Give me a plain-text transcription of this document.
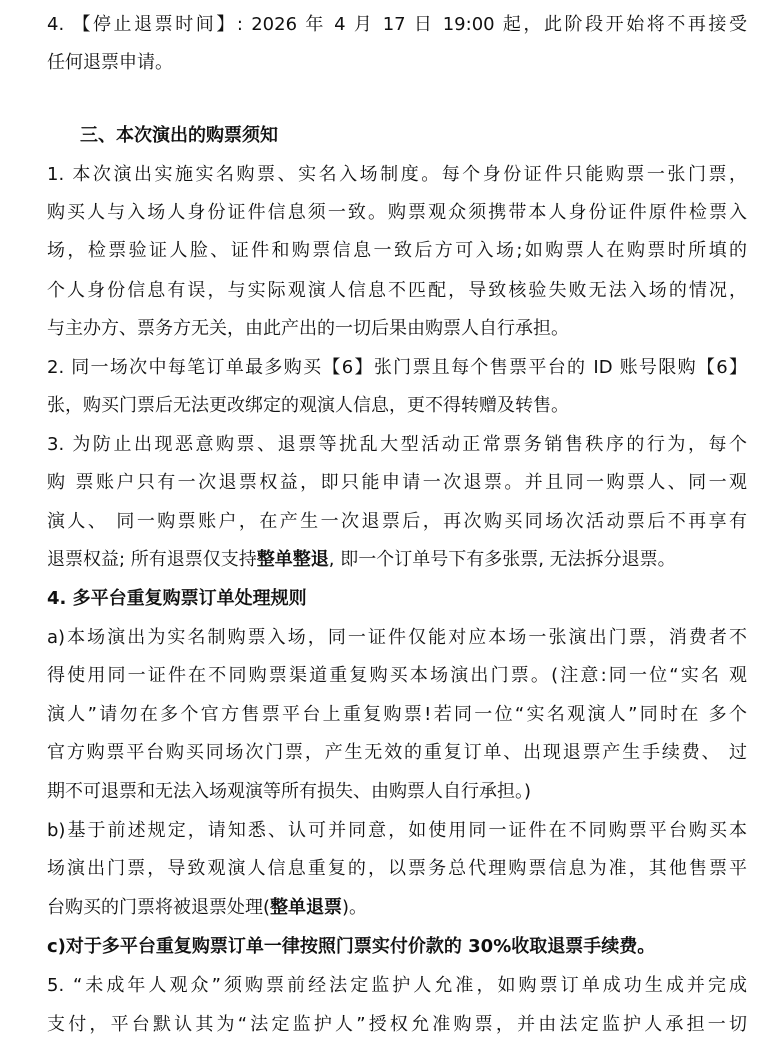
4. 【停止退票时间】: 2026 年 4 月 17 日 19:00 起，此阶段开始将不再接受

任何退票申请。

三、本次演出的购票须知

1. 本次演出实施实名购票、实名入场制度。每个身份证件只能购票一张门票，

购买人与入场人身份证件信息须一致。购票观众须携带本人身份证件原件检票入

场，检票验证人脸、证件和购票信息一致后方可入场;如购票人在购票时所填的

个人身份信息有误，与实际观演人信息不匹配，导致核验失败无法入场的情况，

与主办方、票务方无关，由此产出的一切后果由购票人自行承担。

2. 同一场次中每笔订单最多购买【6】张门票且每个售票平台的 ID 账号限购【6】

张，购买门票后无法更改绑定的观演人信息，更不得转赠及转售。

3. 为防止出现恶意购票、退票等扰乱大型活动正常票务销售秩序的行为，每个

购 票账户只有一次退票权益，即只能申请一次退票。并且同一购票人、同一观

演人、 同一购票账户，在产生一次退票后，再次购买同场次活动票后不再享有

退票权益; 所有退票仅支持整单整退, 即一个订单号下有多张票, 无法拆分退票。

4. 多平台重复购票订单处理规则

a)本场演出为实名制购票入场，同一证件仅能对应本场一张演出门票，消费者不

得使用同一证件在不同购票渠道重复购买本场演出门票。(注意:同一位“实名 观

演人”请勿在多个官方售票平台上重复购票!若同一位“实名观演人”同时在 多个

官方购票平台购买同场次门票，产生无效的重复订单、出现退票产生手续费、 过

期不可退票和无法入场观演等所有损失、由购票人自行承担。)

b)基于前述规定，请知悉、认可并同意，如使用同一证件在不同购票平台购买本

场演出门票，导致观演人信息重复的，以票务总代理购票信息为准，其他售票平

台购买的门票将被退票处理(整单退票)。

c)对于多平台重复购票订单一律按照门票实付价款的 30%收取退票手续费。

5. “未成年人观众”须购票前经法定监护人允准，如购票订单成功生成并完成

支付，平台默认其为“法定监护人”授权允准购票，并由法定监护人承担一切
